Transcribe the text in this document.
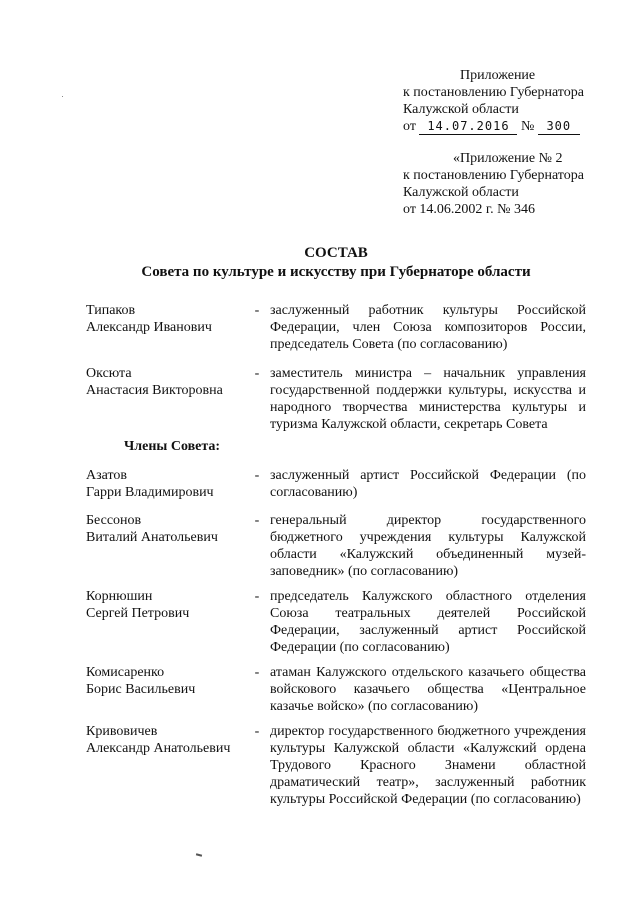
Приложение
к постановлению Губернатора
Калужской области
от 14.07.2016 № 300
«Приложение № 2
к постановлению Губернатора
Калужской области
от 14.06.2002 г. № 346
СОСТАВ
Совета по культуре и искусству при Губернаторе области
Типаков
Александр Иванович
- заслуженный работник культуры Российской Федерации, член Союза композиторов России, председатель Совета (по согласованию)
Оксюта
Анастасия Викторовна
- заместитель министра – начальник управления государственной поддержки культуры, искусства и народного творчества министерства культуры и туризма Калужской области, секретарь Совета
Члены Совета:
Азатов
Гарри Владимирович
- заслуженный артист Российской Федерации (по согласованию)
Бессонов
Виталий Анатольевич
- генеральный директор государственного бюджетного учреждения культуры Калужской области «Калужский объединенный музей-заповедник» (по согласованию)
Корнюшин
Сергей Петрович
- председатель Калужского областного отделения Союза театральных деятелей Российской Федерации, заслуженный артист Российской Федерации (по согласованию)
Комисаренко
Борис Васильевич
- атаман Калужского отдельского казачьего общества войскового казачьего общества «Центральное казачье войско» (по согласованию)
Кривовичев
Александр Анатольевич
- директор государственного бюджетного учреждения культуры Калужской области «Калужский ордена Трудового Красного Знамени областной драматический театр», заслуженный работник культуры Российской Федерации (по согласованию)
